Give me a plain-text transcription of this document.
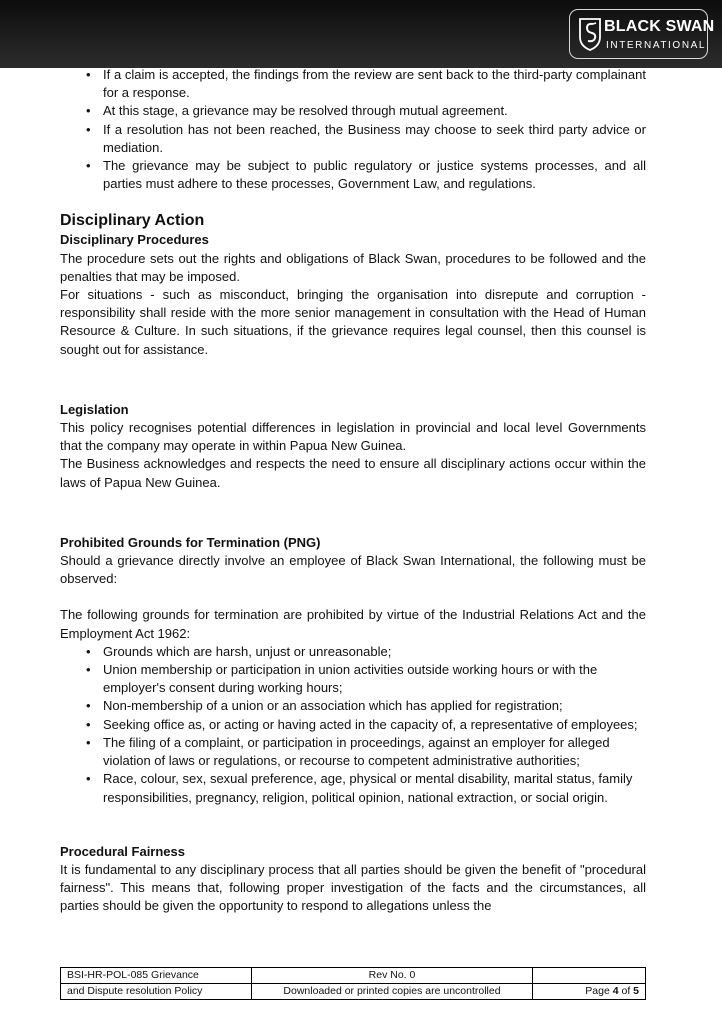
BLACK SWAN
INTERNATIONAL
• If a claim is accepted, the findings from the review are sent back to the third-party complainant for a response.
• At this stage, a grievance may be resolved through mutual agreement.
• If a resolution has not been reached, the Business may choose to seek third party advice or mediation.
• The grievance may be subject to public regulatory or justice systems processes, and all parties must adhere to these processes, Government Law, and regulations.
Disciplinary Action
Disciplinary Procedures

The procedure sets out the rights and obligations of Black Swan, procedures to be followed and the penalties that may be imposed.

For situations - such as misconduct, bringing the organisation into disrepute and corruption - responsibility shall reside with the more senior management in consultation with the Head of Human Resource & Culture. In such situations, if the grievance requires legal counsel, then this counsel is sought out for assistance.

Legislation

This policy recognises potential differences in legislation in provincial and local level Governments that the company may operate in within Papua New Guinea.

The Business acknowledges and respects the need to ensure all disciplinary actions occur within the laws of Papua New Guinea.

Prohibited Grounds for Termination (PNG)

Should a grievance directly involve an employee of Black Swan International, the following must be observed:

The following grounds for termination are prohibited by virtue of the Industrial Relations Act and the Employment Act 1962:

• Grounds which are harsh, unjust or unreasonable;
• Union membership or participation in union activities outside working hours or with the employer's consent during working hours;
• Non-membership of a union or an association which has applied for registration;
• Seeking office as, or acting or having acted in the capacity of, a representative of employees;
• The filing of a complaint, or participation in proceedings, against an employer for alleged violation of laws or regulations, or recourse to competent administrative authorities;
• Race, colour, sex, sexual preference, age, physical or mental disability, marital status, family responsibilities, pregnancy, religion, political opinion, national extraction, or social origin.
Procedural Fairness

It is fundamental to any disciplinary process that all parties should be given the benefit of "procedural fairness". This means that, following proper investigation of the facts and the circumstances, all parties should be given the opportunity to respond to allegations unless the

BSI-HR-POL-085 Grievance	Rev No. 0	
and Dispute resolution Policy	Downloaded or printed copies are uncontrolled	Page 4 of 5
